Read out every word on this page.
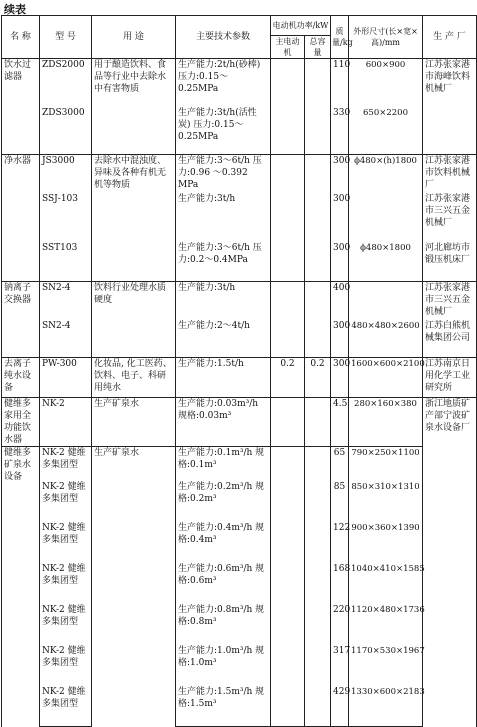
续表
名 称	型 号	用 途	主要技术参数	电动机功率/kW		质量/kg	外形尺寸(长×宽×高)/mm	生 产 厂
				主电动机	总容量			
饮水过滤器	ZDS2000	用于酿造饮料、食品等行业中去除水中有害物质	生产能力:2t/h(砂棒) 压力:0.15～0.25MPa			110	600×900	江苏张家港市海峰饮料机械厂
	ZDS3000		生产能力:3t/h(活性炭) 压力:0.15～0.25MPa			330	650×2200	
净水器	JS3000	去除水中混浊度、异味及各种有机无机等物质	生产能力:3～6t/h 压力:0.96 ～0.392 MPa			300	ϕ480×(h)1800	江苏张家港市饮料机械厂
	SSJ-103		生产能力:3t/h			300		江苏张家港市三兴五金机械厂
	SST103		生产能力:3～6t/h 压力:0.2～0.4MPa			300	ϕ480×1800	河北廊坊市锻压机床厂
钠离子交换器	SN2-4	饮料行业处理水质硬度	生产能力:3t/h			400		江苏张家港市三兴五金机械厂
	SN2-4		生产能力:2～4t/h			300	480×480×2600	江苏白熊机械集团公司
去离子纯水设备	PW-300	化妆品, 化工医药、饮料、电子、科研用纯水	生产能力:1.5t/h	0.2	0.2	300	1600×600×2100	江苏南京日用化学工业研究所
健维多家用全功能饮水器	NK-2	生产矿泉水	生产能力:0.03m³/h 规格:0.03m³			4.5	280×160×380	浙江地质矿产部宁波矿泉水设备厂
健维多矿泉水设备	NK-2 健维多集团型	生产矿泉水	生产能力:0.1m³/h 规格:0.1m³			65	790×250×1100	
	NK-2 健维多集团型		生产能力:0.2m³/h 规格:0.2m³			85	850×310×1310	
	NK-2 健维多集团型		生产能力:0.4m³/h 规格:0.4m³			122	900×360×1390	
	NK-2 健维多集团型		生产能力:0.6m³/h 规格:0.6m³			168	1040×410×1585	
	NK-2 健维多集团型		生产能力:0.8m³/h 规格:0.8m³			220	1120×480×1736	
	NK-2 健维多集团型		生产能力:1.0m³/h 规格:1.0m³			317	1170×530×1967	
	NK-2 健维多集团型		生产能力:1.5m³/h 规格:1.5m³			429	1330×600×2183	
